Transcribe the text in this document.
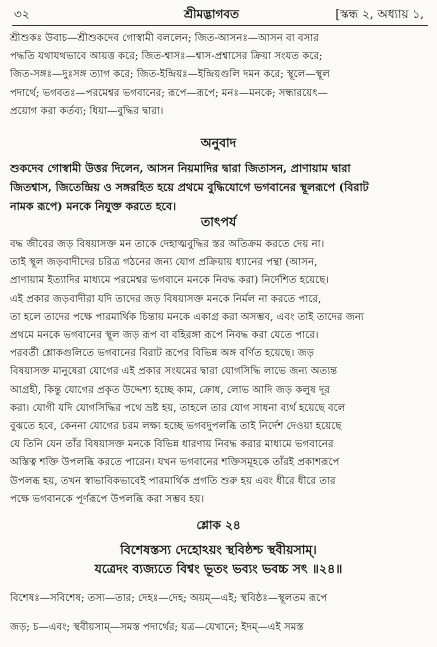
৩২	শ্রীমদ্ভাগবত	[স্কন্ধ ২, অধ্যায় ১,

শ্রীশুকঃ উবাচ—শ্রীশুকদেব গোস্বামী বললেন; জিত-আসনঃ—আসন বা বসার

পদ্ধতি যথাযথভাবে আয়ত্ত করে; জিত-শ্বাসঃ—শ্বাস-প্রশ্বাসের ক্রিয়া সংযত করে;

জিত-সঙ্গঃ—দুঃসঙ্গ ত্যাগ করে; জিত-ইন্দ্রিয়ঃ—ইন্দ্রিয়গুলি দমন করে; স্থূলে—স্থূল

পদার্থে; ভগবতঃ—পরমেশ্বর ভগবানের; রূপে—রূপে; মনঃ—মনকে; সন্ধারয়েৎ—

প্রয়োগ করা কর্তব্য; ধিয়া—বুদ্ধির দ্বারা।

অনুবাদ
শুকদেব গোস্বামী উত্তর দিলেন, আসন নিয়মাদির দ্বারা জিতাসন, প্রাণায়াম দ্বারা
জিতশ্বাস, জিতেন্দ্রিয় ও সঙ্গরহিত হয়ে প্রথমে বুদ্ধিযোগে ভগবানের স্থূলরূপে (বিরাট
নামক রূপে) মনকে নিযুক্ত করতে হবে।
তাৎপর্য

বদ্ধ জীবের জড় বিষয়াসক্ত মন তাকে দেহাত্মবুদ্ধির স্তর অতিক্রম করতে দেয় না।

তাই স্থূল জড়বাদীদের চরিত্র গঠনের জন্য যোগ প্রক্রিয়ায় ধ্যানের পন্থা (আসন,

প্রাণায়াম ইত্যাদির মাধ্যমে পরমেশ্বর ভগবানে মনকে নিবদ্ধ করা) নির্দেশিত হয়েছে।

এই প্রকার জড়বাদীরা যদি তাদের জড় বিষয়াসক্ত মনকে নির্মল না করতে পারে,

তা হলে তাদের পক্ষে পারমার্থিক চিন্তায় মনকে একাগ্র করা অসম্ভব, এবং তাই তাদের জন্য

প্রথমে মনকে ভগবানের স্থূল জড় রূপ বা বহিরঙ্গা রূপে নিবদ্ধ করা যেতে পারে।

পরবর্তী শ্লোকগুলিতে ভগবানের বিরাট রূপের বিভিন্ন অঙ্গ বর্ণিত হয়েছে। জড়

বিষয়াসক্ত মানুষেরা যোগের এই প্রকার সংযমের দ্বারা যোগসিদ্ধি লাভে জন্য অত্যন্ত

আগ্রহী, কিন্তু যোগের প্রকৃত উদ্দেশ্য হচ্ছে কাম, ক্রোধ, লোভ আদি জড় কলুষ দূর

করা। যোগী যদি যোগসিদ্ধির পথে ভ্রষ্ট হয়, তাহলে তার যোগ সাধনা ব্যর্থ হয়েছে বলে

বুঝতে হবে, কেননা যোগের চরম লক্ষ্য হচ্ছে ভগবদুপলব্ধি তাই নির্দেশ দেওয়া হয়েছে

যে তিনি যেন তাঁর বিষয়াসক্ত মনকে বিভিন্ন ধারণায় নিবদ্ধ করার মাধ্যমে ভগবানের

অস্তিত্ব শক্তি উপলব্ধি করতে পারেন। যখন ভগবানের শক্তিসমূহকে তাঁরই প্রকাশরূপে

উপলব্ধ হয়, তখন স্বাভাবিকভাবেই পারমার্থিক প্রগতি শুরু হয় এবং ধীরে ধীরে তার

পক্ষে ভগবানকে পূর্ণরূপে উপলব্ধি করা সম্ভব হয়।

শ্লোক ২৪
বিশেষস্তস্য দেহোঽয়ং স্থবিষ্ঠশ্চ স্থবীয়সাম্।
যত্রেদং ব্যজ্যতে বিশ্বং ভূতং ভব্যং ভবচ্চ সৎ ॥২৪॥

বিশেষঃ—সবিশেষ; তস্য—তার; দেহঃ—দেহ; অয়ম্—এই; স্থবিষ্ঠঃ—স্থূলতম রূপে

জড়; চ—এবং; স্থবীয়সাম্—সমস্ত পদার্থের; যত্র—যেখানে; ইদম্—এই সমস্ত
